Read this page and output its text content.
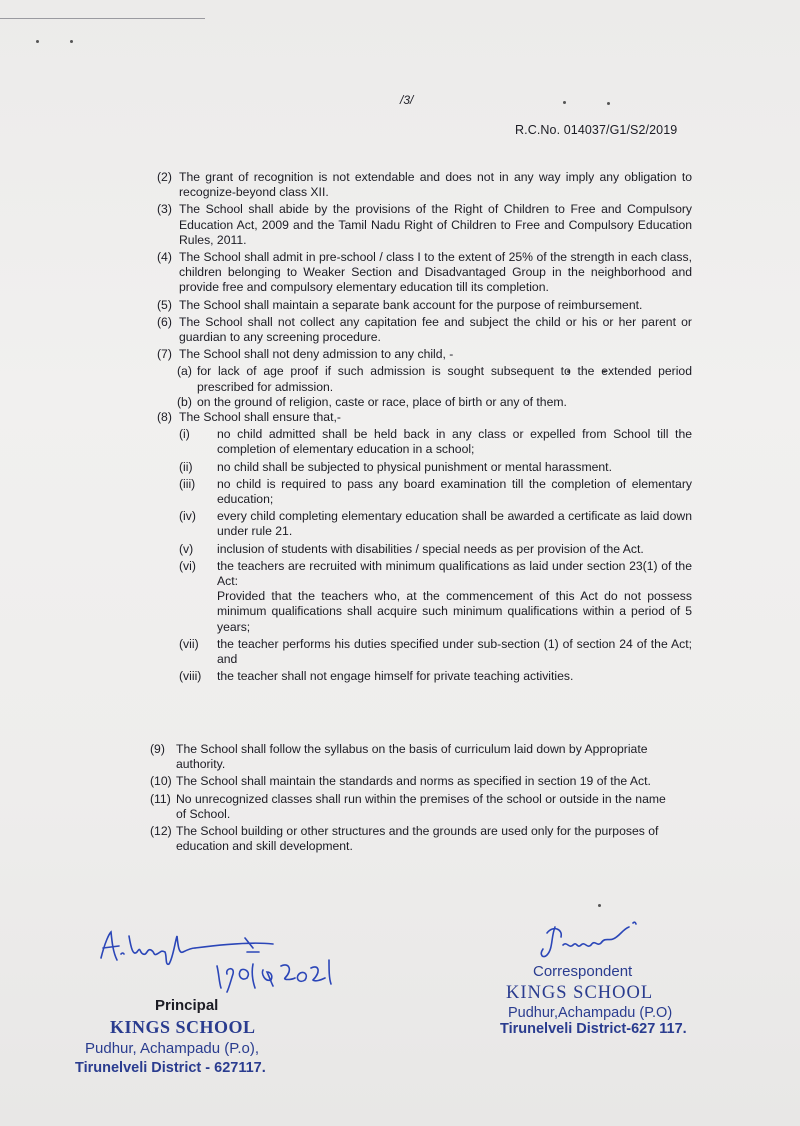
/3/
R.C.No. 014037/G1/S2/2019
(2) The grant of recognition is not extendable and does not in any way imply any obligation to recognize-beyond class XII.
(3) The School shall abide by the provisions of the Right of Children to Free and Compulsory Education Act, 2009 and the Tamil Nadu Right of Children to Free and Compulsory Education Rules, 2011.
(4) The School shall admit in pre-school / class I to the extent of 25% of the strength in each class, children belonging to Weaker Section and Disadvantaged Group in the neighborhood and provide free and compulsory elementary education till its completion.
(5) The School shall maintain a separate bank account for the purpose of reimbursement.
(6) The School shall not collect any capitation fee and subject the child or his or her parent or guardian to any screening procedure.
(7) The School shall not deny admission to any child, -
(a) for lack of age proof if such admission is sought subsequent to the extended period prescribed for admission.
(b) on the ground of religion, caste or race, place of birth or any of them.
(8) The School shall ensure that,-
(i) no child admitted shall be held back in any class or expelled from School till the completion of elementary education in a school;
(ii) no child shall be subjected to physical punishment or mental harassment.
(iii) no child is required to pass any board examination till the completion of elementary education;
(iv) every child completing elementary education shall be awarded a certificate as laid down under rule 21.
(v) inclusion of students with disabilities / special needs as per provision of the Act.
(vi) the teachers are recruited with minimum qualifications as laid under section 23(1) of the Act:
Provided that the teachers who, at the commencement of this Act do not possess minimum qualifications shall acquire such minimum qualifications within a period of 5 years;
(vii) the teacher performs his duties specified under sub-section (1) of section 24 of the Act; and
(viii) the teacher shall not engage himself for private teaching activities.
(9) The School shall follow the syllabus on the basis of curriculum laid down by Appropriate authority.
(10) The School shall maintain the standards and norms as specified in section 19 of the Act.
(11) No unrecognized classes shall run within the premises of the school or outside in the name of School.
(12) The School building or other structures and the grounds are used only for the purposes of education and skill development.
Principal
KINGS SCHOOL
Pudhur, Achampadu (P.o),
Tirunelveli District - 627117.
Correspondent
KINGS SCHOOL
Pudhur,Achampadu (P.O)
Tirunelveli District-627 117.
